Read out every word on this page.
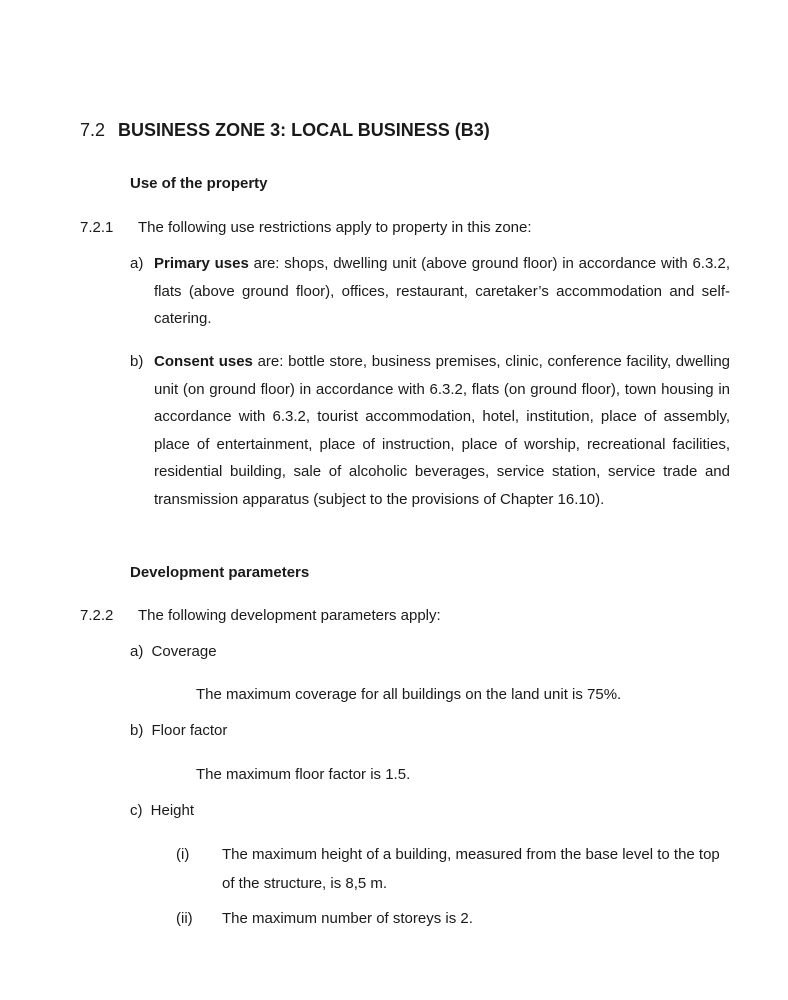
7.2 BUSINESS ZONE 3: LOCAL BUSINESS (B3)
Use of the property
7.2.1 The following use restrictions apply to property in this zone:
a) Primary uses are: shops, dwelling unit (above ground floor) in accordance with 6.3.2, flats (above ground floor), offices, restaurant, caretaker’s accommodation and self-catering.
b) Consent uses are: bottle store, business premises, clinic, conference facility, dwelling unit (on ground floor) in accordance with 6.3.2, flats (on ground floor), town housing in accordance with 6.3.2, tourist accommodation, hotel, institution, place of assembly, place of entertainment, place of instruction, place of worship, recreational facilities, residential building, sale of alcoholic beverages, service station, service trade and transmission apparatus (subject to the provisions of Chapter 16.10).
Development parameters
7.2.2 The following development parameters apply:
a) Coverage
The maximum coverage for all buildings on the land unit is 75%.
b) Floor factor
The maximum floor factor is 1.5.
c) Height
(i) The maximum height of a building, measured from the base level to the top of the structure, is 8,5 m.
(ii) The maximum number of storeys is 2.
